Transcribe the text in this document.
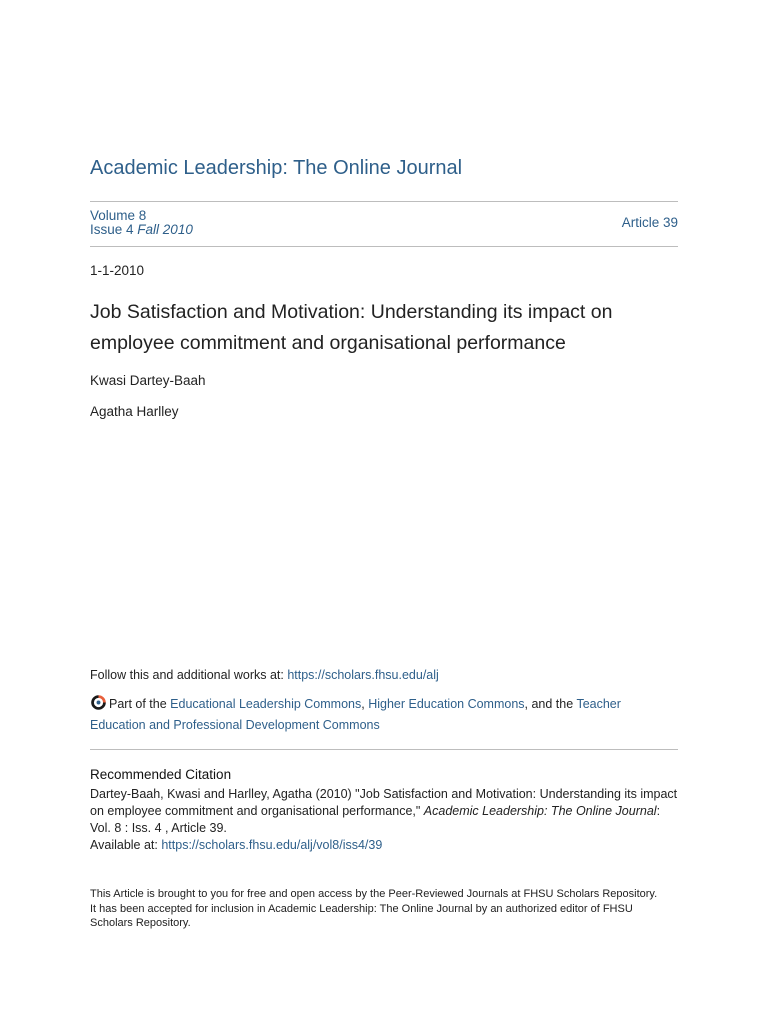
Academic Leadership: The Online Journal
Volume 8
Issue 4 Fall 2010	Article 39
1-1-2010
Job Satisfaction and Motivation: Understanding its impact on employee commitment and organisational performance
Kwasi Dartey-Baah
Agatha Harlley
Follow this and additional works at: https://scholars.fhsu.edu/alj
Part of the Educational Leadership Commons, Higher Education Commons, and the Teacher Education and Professional Development Commons
Recommended Citation
Dartey-Baah, Kwasi and Harlley, Agatha (2010) "Job Satisfaction and Motivation: Understanding its impact on employee commitment and organisational performance," Academic Leadership: The Online Journal: Vol. 8 : Iss. 4 , Article 39.
Available at: https://scholars.fhsu.edu/alj/vol8/iss4/39
This Article is brought to you for free and open access by the Peer-Reviewed Journals at FHSU Scholars Repository.
It has been accepted for inclusion in Academic Leadership: The Online Journal by an authorized editor of FHSU Scholars Repository.
